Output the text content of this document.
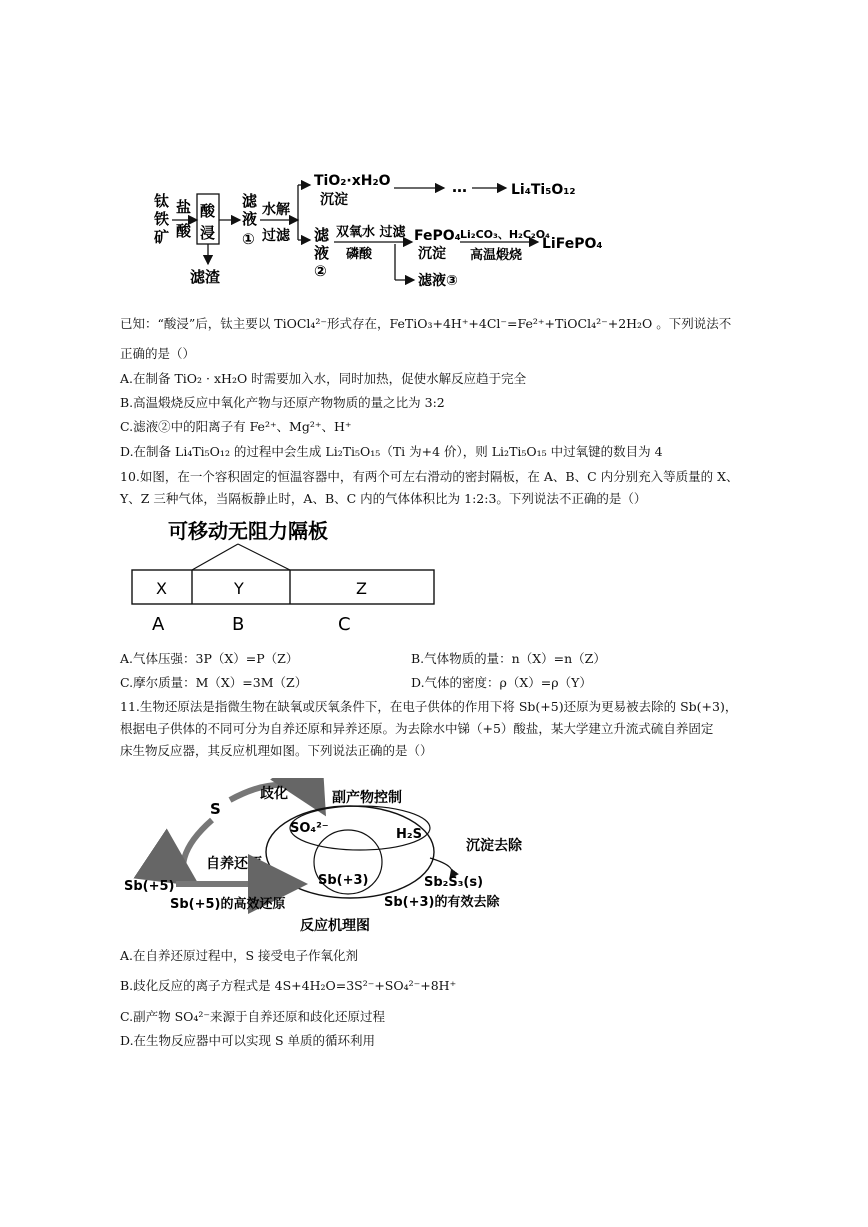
钛
铁
矿
盐
酸
酸
浸
滤渣
滤
液
①
水解
过滤
TiO₂·xH₂O
沉淀
…	Li₄Ti₅O₁₂
滤
液
②
双氧水 过滤
磷酸
FePO₄
沉淀
Li₂CO₃、H₂C₂O₄
高温煅烧
LiFePO₄
滤液③
已知：“酸浸”后，钛主要以 TiOCl₄²⁻形式存在，FeTiO₃+4H⁺+4Cl⁻=Fe²⁺+TiOCl₄²⁻+2H₂O 。下列说法不
正确的是（）
A.在制备 TiO₂ · xH₂O 时需要加入水，同时加热，促使水解反应趋于完全
B.高温煅烧反应中氧化产物与还原产物物质的量之比为 3:2
C.滤液②中的阳离子有 Fe²⁺、Mg²⁺、H⁺
D.在制备 Li₄Ti₅O₁₂ 的过程中会生成 Li₂Ti₅O₁₅（Ti 为+4 价），则 Li₂Ti₅O₁₅ 中过氧键的数目为 4
10.如图，在一个容积固定的恒温容器中，有两个可左右滑动的密封隔板，在 A、B、C 内分别充入等质量的 X、
Y、Z 三种气体，当隔板静止时，A、B、C 内的气体体积比为 1:2:3。下列说法不正确的是（）
可移动无阻力隔板
X	Y	Z
A	B	C
A.气体压强：3P（X）=P（Z）	B.气体物质的量：n（X）=n（Z）
C.摩尔质量：M（X）=3M（Z）	D.气体的密度：ρ（X）=ρ（Y）
11.生物还原法是指微生物在缺氧或厌氧条件下，在电子供体的作用下将 Sb(+5)还原为更易被去除的 Sb(+3)，
根据电子供体的不同可分为自养还原和异养还原。为去除水中锑（+5）酸盐，某大学建立升流式硫自养固定
床生物反应器，其反应机理如图。下列说法正确的是（）
S
歧化	副产物控制
SO₄²⁻	H₂S
Sb(+3)
沉淀去除
Sb₂S₃(s)
自养还原
Sb(+5)
Sb(+5)的高效还原	Sb(+3)的有效去除
反应机理图
A.在自养还原过程中，S 接受电子作氧化剂
B.歧化反应的离子方程式是 4S+4H₂O=3S²⁻+SO₄²⁻+8H⁺
C.副产物 SO₄²⁻来源于自养还原和歧化还原过程
D.在生物反应器中可以实现 S 单质的循环利用
